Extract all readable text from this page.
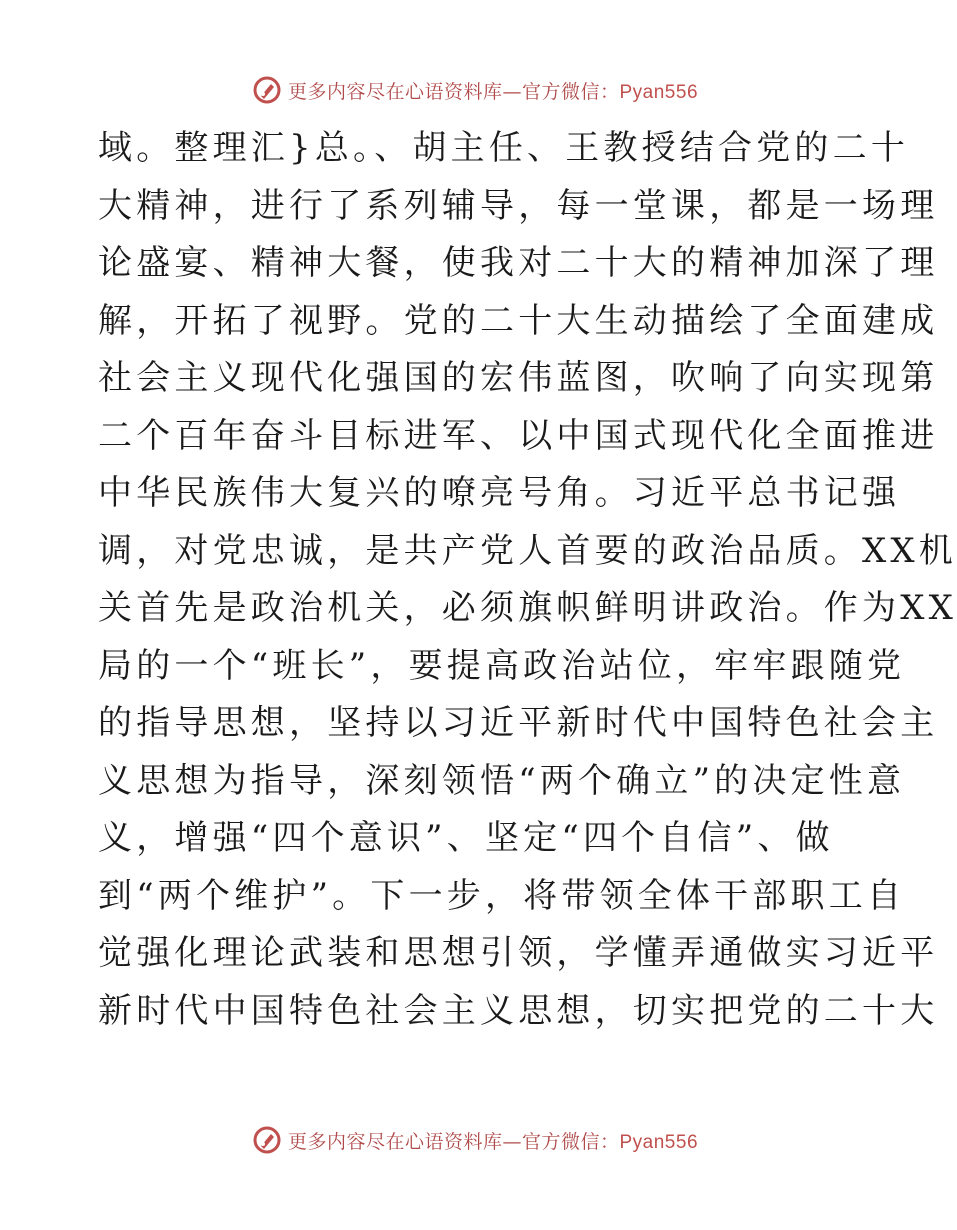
更多内容尽在心语资料库—官方微信：Pyan556
域。整理汇}总。、胡主任、王教授结合党的二十
大精神，进行了系列辅导，每一堂课，都是一场理
论盛宴、精神大餐，使我对二十大的精神加深了理
解，开拓了视野。党的二十大生动描绘了全面建成
社会主义现代化强国的宏伟蓝图，吹响了向实现第
二个百年奋斗目标进军、以中国式现代化全面推进
中华民族伟大复兴的嘹亮号角。习近平总书记强
调，对党忠诚，是共产党人首要的政治品质。XX机
关首先是政治机关，必须旗帜鲜明讲政治。作为XX
局的一个“班长”，要提高政治站位，牢牢跟随党
的指导思想，坚持以习近平新时代中国特色社会主
义思想为指导，深刻领悟“两个确立”的决定性意
义，增强“四个意识”、坚定“四个自信”、做
到“两个维护”。下一步，将带领全体干部职工自
觉强化理论武装和思想引领，学懂弄通做实习近平
新时代中国特色社会主义思想，切实把党的二十大
更多内容尽在心语资料库—官方微信：Pyan556
